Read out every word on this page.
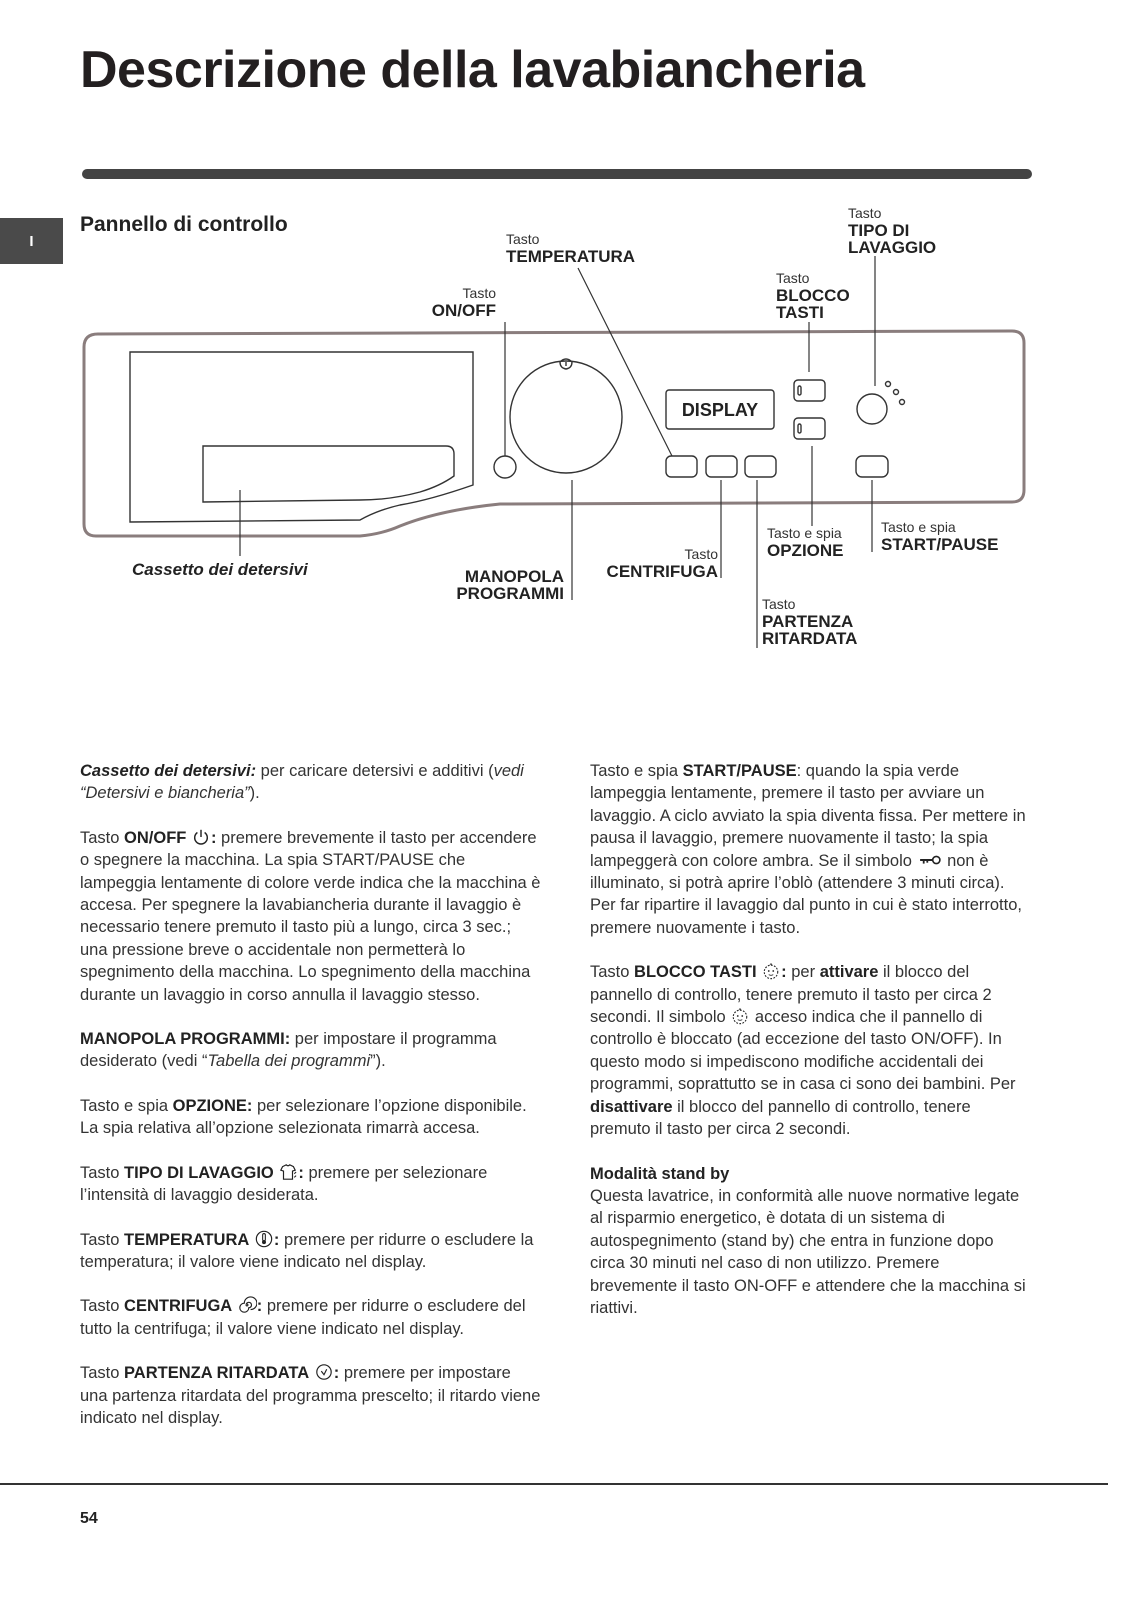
Descrizione della lavabiancheria
I
Pannello di controllo
DISPLAY
Tasto
ON/OFF
Tasto
TEMPERATURA
Tasto
TIPO DI
LAVAGGIO
Tasto
BLOCCO
TASTI
Cassetto dei detersivi	MANOPOLA
PROGRAMMI
Tasto
CENTRIFUGA
Tasto e spia
OPZIONE
Tasto e spia
START/PAUSE
Tasto
PARTENZA
RITARDATA

Cassetto dei detersivi: per caricare detersivi e additivi (vedi “Detersivi e biancheria”).

Tasto ON/OFF : premere brevemente il tasto per accendere o spegnere la macchina. La spia START/PAUSE che lampeggia lentamente di colore verde indica che la macchina è accesa. Per spegnere la lavabiancheria durante il lavaggio è necessario tenere premuto il tasto più a lungo, circa 3 sec.; una pressione breve o accidentale non permetterà lo spegnimento della macchina. Lo spegnimento della macchina durante un lavaggio in corso annulla il lavaggio stesso.

MANOPOLA PROGRAMMI: per impostare il programma desiderato (vedi “Tabella dei programmi”).

Tasto e spia OPZIONE: per selezionare l’opzione disponibile. La spia relativa all’opzione selezionata rimarrà accesa.

Tasto TIPO DI LAVAGGIO : premere per selezionare l’intensità di lavaggio desiderata.

Tasto TEMPERATURA : premere per ridurre o escludere la temperatura; il valore viene indicato nel display.

Tasto CENTRIFUGA : premere per ridurre o escludere del tutto la centrifuga; il valore viene indicato nel display.

Tasto PARTENZA RITARDATA : premere per impostare una partenza ritardata del programma prescelto; il ritardo viene indicato nel display.

Tasto e spia START/PAUSE: quando la spia verde lampeggia lentamente, premere il tasto per avviare un lavaggio. A ciclo avviato la spia diventa fissa. Per mettere in pausa il lavaggio, premere nuovamente il tasto; la spia lampeggerà con colore ambra. Se il simbolo  non è illuminato, si potrà aprire l’oblò (attendere 3 minuti circa). Per far ripartire il lavaggio dal punto in cui è stato interrotto, premere nuovamente i tasto.

Tasto BLOCCO TASTI : per attivare il blocco del pannello di controllo, tenere premuto il tasto per circa 2 secondi. Il simbolo  acceso indica che il pannello di controllo è bloccato (ad eccezione del tasto ON/OFF). In questo modo si impediscono modifiche accidentali dei programmi, soprattutto se in casa ci sono dei bambini. Per disattivare il blocco del pannello di controllo, tenere premuto il tasto per circa 2 secondi.

Modalità stand by
Questa lavatrice, in conformità alle nuove normative legate al risparmio energetico, è dotata di un sistema di autospegnimento (stand by) che entra in funzione dopo circa 30 minuti nel caso di non utilizzo. Premere brevemente il tasto ON-OFF e attendere che la macchina si riattivi.

54
